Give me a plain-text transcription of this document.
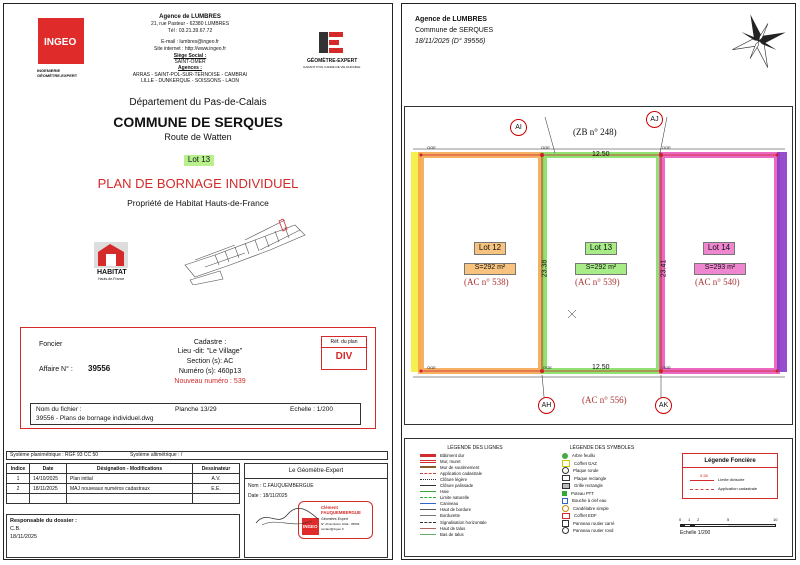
INGEO
INGENIERIE
GÉOMÈTRE-EXPERT
Agence de LUMBRES
21, rue Pasteur - 62380 LUMBRES
Tél : 03.21.39.67.72
E-mail : lumbres@ingeo.fr
Site internet : http://www.ingeo.fr
Siège Social :
SAINT-OMER
Agences :
ARRAS - SAINT-POL-SUR-TERNOISE - CAMBRAI
LILLE - DUNKERQUE - SOISSONS - LAON
GÉOMÈTRE-EXPERT
GARANT D'UN CADRE DE VIE DURABLE
Département du Pas-de-Calais
COMMUNE DE SERQUES
Route de Watten
Lot 13
PLAN DE BORNAGE INDIVIDUEL
Propriété de Habitat Hauts-de-France
HABITAT
Hauts-de-France
Foncier	Cadastre :
Lieu -dit: "Le Village"
Section (s): AC
Numéro (s): 460p13
Nouveau numéro : 539
Affaire N° : 39556
Réf. du plan
DIV
Nom du fichier :
39556 - Plans de bornage individuel.dwg
Planche 13/29	Echelle : 1/200
Système planimétrique : RGF 93 CC 50	Système altimétrique : /
Indice	Date	Désignation - Modifications	Dessinateur
1	14/10/2025	Plan initial	A.V.
2	18/11/2025	MAJ nouveaux numéros cadastraux	E.E.

Responsable du dossier :
C.B.
18/11/2025
Le Géomètre-Expert
Nom : C.FAUQUEMBERGUE
Date : 18/11/2025
Clément FAUQUEMBERGUE
Géomètre-Expert
N° d'inscription OGE : 05569
contact@ingeo.fr
INGEO
Agence de LUMBRES
Commune de SERQUES
18/11/2025 (D° 39556)
(ZB n° 248)
(AC n° 556)
12.50
12.50
23.38	23.41
OGE	OGE	OGE
OGE	OGE	OGE
AI
AJ
AH	AK
Lot 12
S=292 m²
(AC n° 538)
Lot 13
S=292 m²
(AC n° 539)
Lot 14
S=293 m²
(AC n° 540)
LÉGENDE DES LIGNES
Bâtiment dur
Mur, muret
Mur de soutènement
Application cadastrale
Clôture légère
Clôture palissade
Haie
Limite naturelle
Caniveau
Haut de bordure
Bordurette
Signalisation horizontale
Haut de talus
Bas de talus
LÉGENDE DES SYMBOLES
Arbre feuillu
Coffret GAZ
Plaque ronde
Plaque rectangle
Grille rectangle
Poteau PTT
Bouche à clef eau
Candélabre simple
Coffret EDF
Panneau routier carré
Panneau routier rond
Légende Foncière
5.58
Limite divisoire
Application cadastrale
0 1 2	5	10
Echelle 1/200
